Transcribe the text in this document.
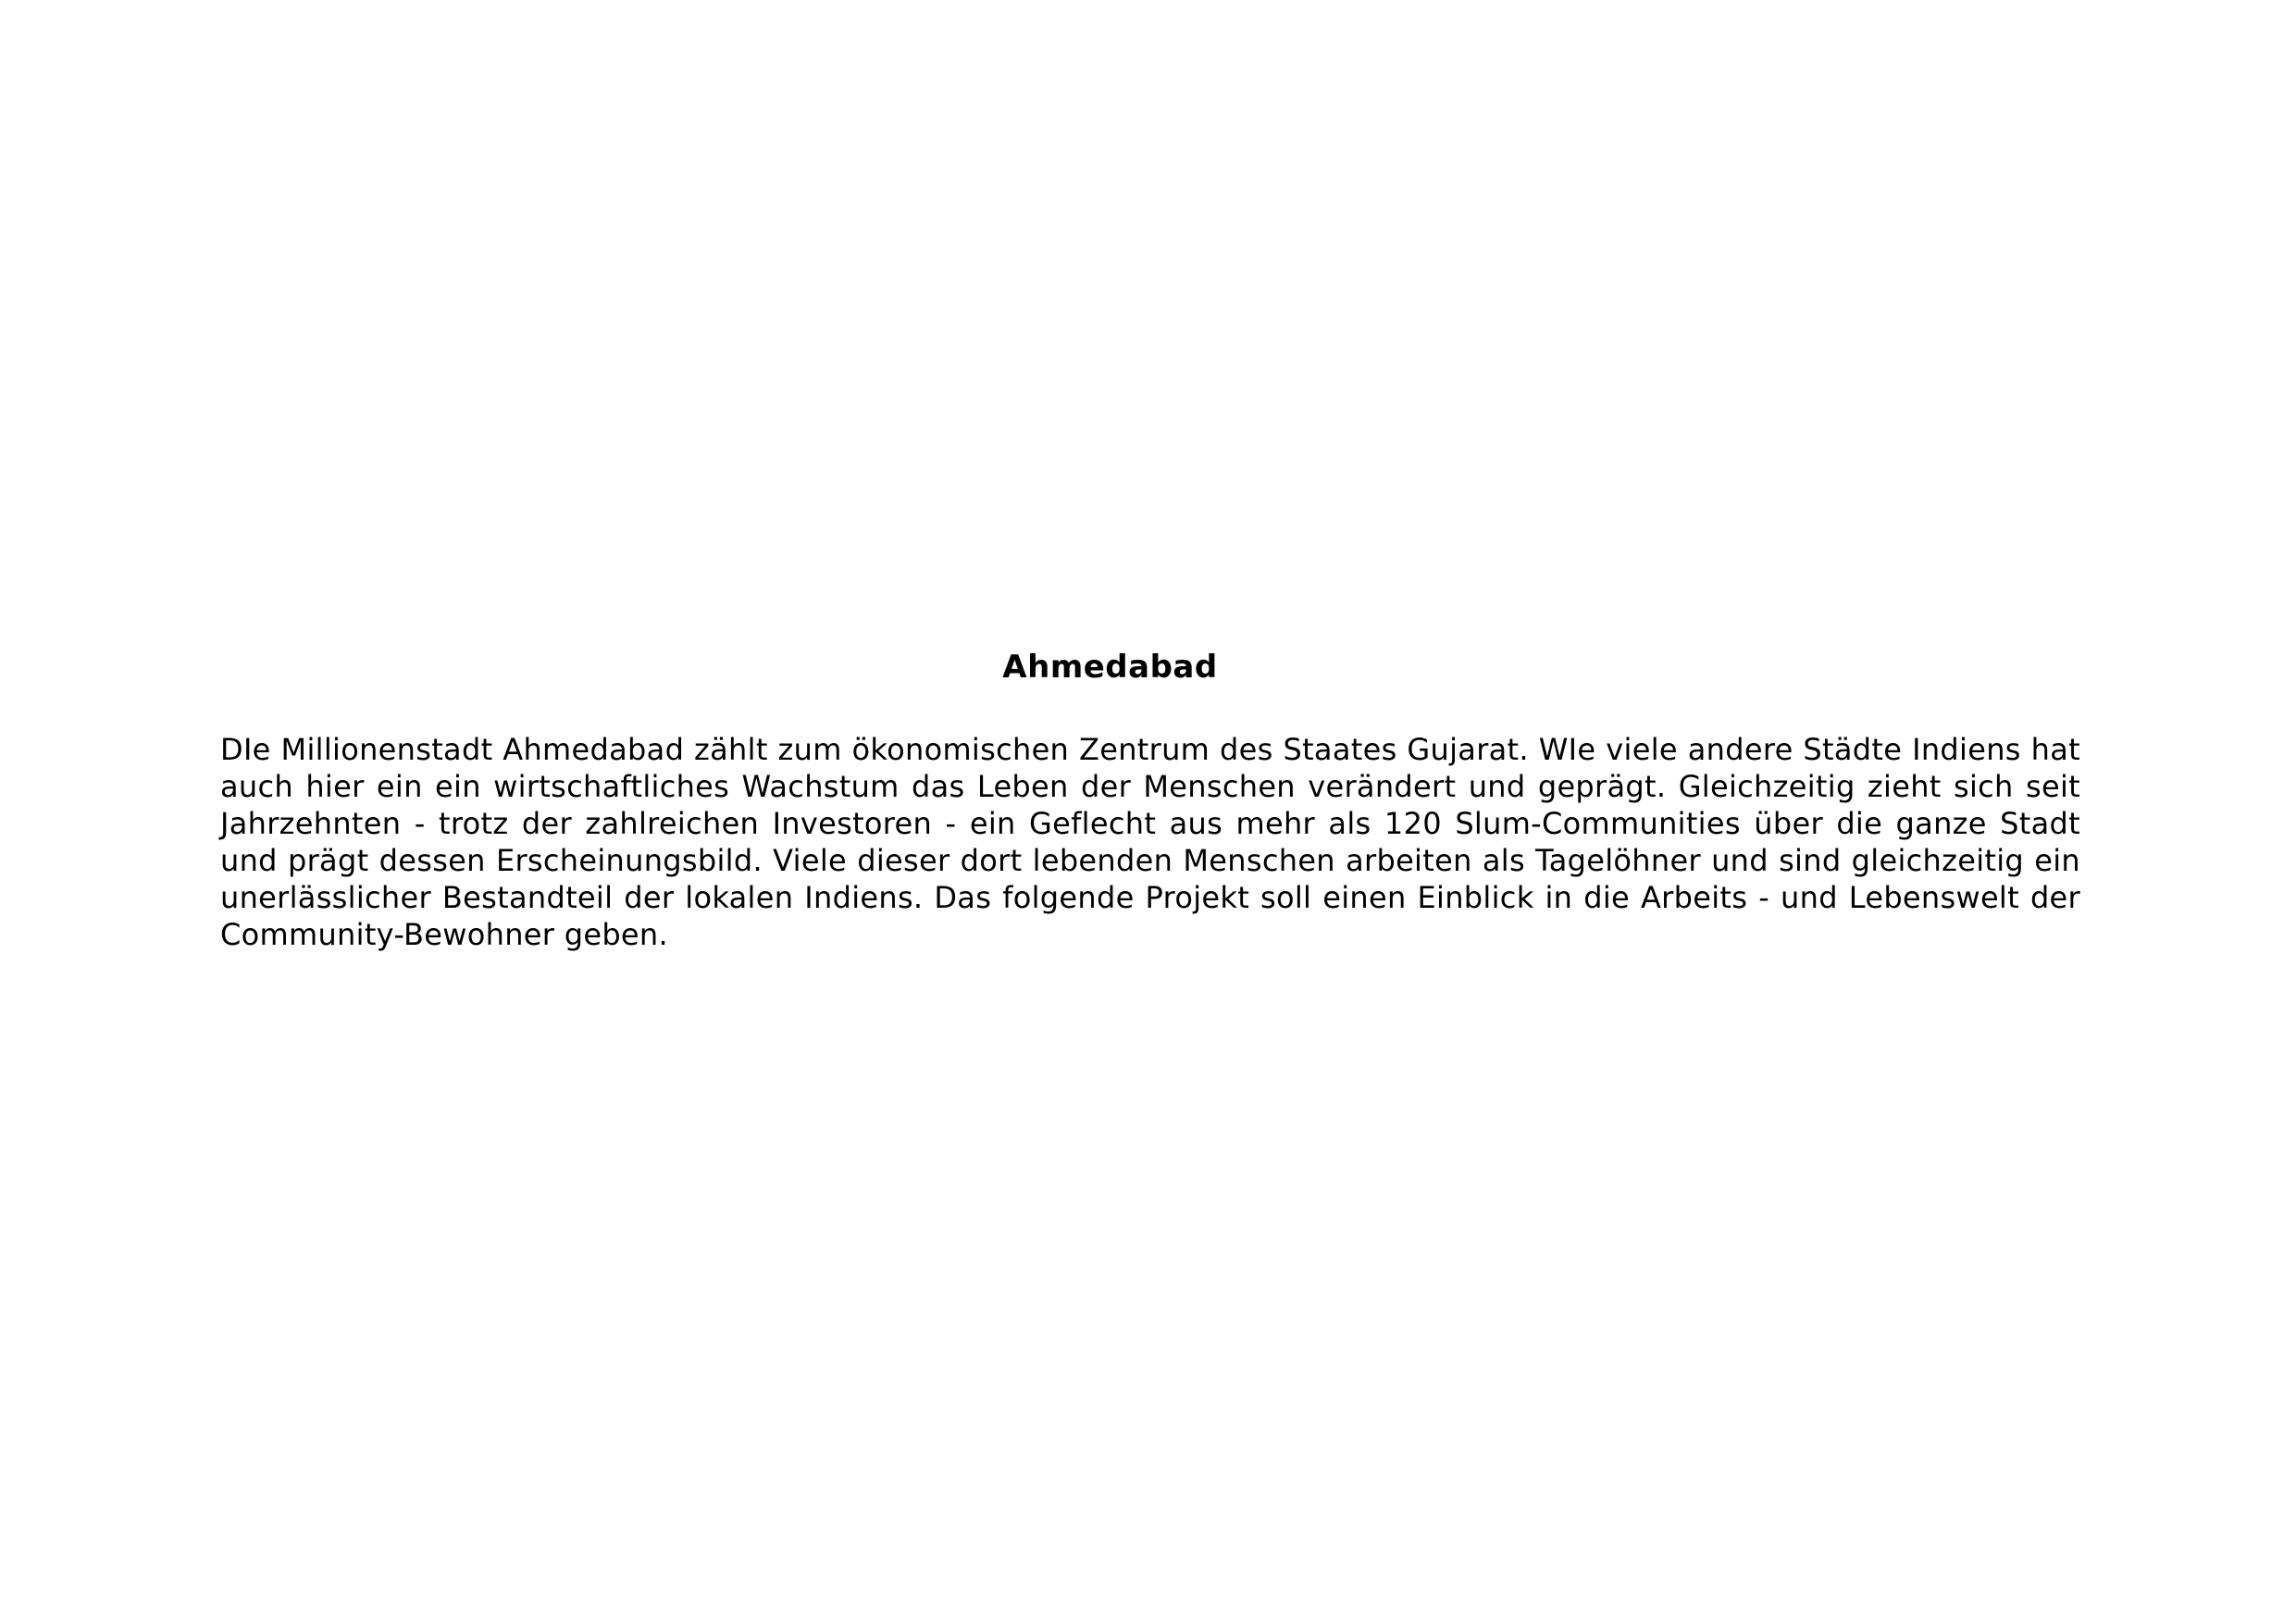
Ahmedabad

DIe Millionenstadt Ahmedabad zählt zum ökonomischen Zentrum des Staates Gujarat. WIe viele andere Städte Indiens hat auch hier ein ein wirtschaftliches Wachstum das Leben der Menschen verändert und geprägt. Gleichzeitig zieht sich seit Jahrzehnten - trotz der zahlreichen Investoren - ein Geflecht aus mehr als 120 Slum-Communities über die ganze Stadt und prägt dessen Erscheinungsbild. Viele dieser dort lebenden Menschen arbeiten als Tagelöhner und sind gleichzeitig ein unerlässlicher Bestandteil der lokalen Indiens. Das folgende Projekt soll einen Einblick in die Arbeits - und Lebenswelt der Community-Bewohner geben.
